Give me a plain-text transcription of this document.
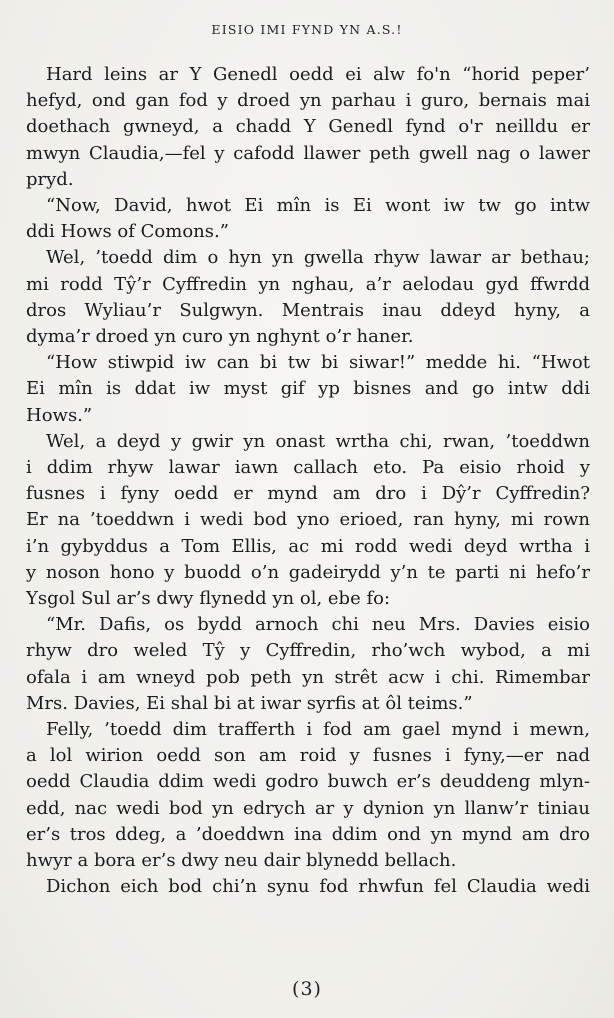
EISIO IMI FYND YN A.S.!
Hard leins ar Y Genedl oedd ei alw fo'n “horid peper’
hefyd, ond gan fod y droed yn parhau i guro, bernais mai
doethach gwneyd, a chadd Y Genedl fynd o'r neilldu er
mwyn Claudia,—fel y cafodd llawer peth gwell nag o lawer
pryd.
“Now, David, hwot Ei mîn is Ei wont iw tw go intw
ddi Hows of Comons.”
Wel, ’toedd dim o hyn yn gwella rhyw lawar ar bethau;
mi rodd Tŷ’r Cyffredin yn nghau, a’r aelodau gyd ffwrdd
dros Wyliau’r Sulgwyn. Mentrais inau ddeyd hyny, a
dyma’r droed yn curo yn nghynt o’r haner.
“How stiwpid iw can bi tw bi siwar!” medde hi. “Hwot
Ei mîn is ddat iw myst gif yp bisnes and go intw ddi
Hows.”
Wel, a deyd y gwir yn onast wrtha chi, rwan, ’toeddwn
i ddim rhyw lawar iawn callach eto. Pa eisio rhoid y
fusnes i fyny oedd er mynd am dro i Dŷ’r Cyffredin?
Er na ’toeddwn i wedi bod yno erioed, ran hyny, mi rown
i’n gybyddus a Tom Ellis, ac mi rodd wedi deyd wrtha i
y noson hono y buodd o’n gadeirydd y’n te parti ni hefo’r
Ysgol Sul ar’s dwy flynedd yn ol, ebe fo:
“Mr. Dafis, os bydd arnoch chi neu Mrs. Davies eisio
rhyw dro weled Tŷ y Cyffredin, rho’wch wybod, a mi
ofala i am wneyd pob peth yn strêt acw i chi. Rimembar
Mrs. Davies, Ei shal bi at iwar syrfis at ôl teims.”
Felly, ’toedd dim trafferth i fod am gael mynd i mewn,
a lol wirion oedd son am roid y fusnes i fyny,—er nad
oedd Claudia ddim wedi godro buwch er’s deuddeng mlyn-
edd, nac wedi bod yn edrych ar y dynion yn llanw’r tiniau
er’s tros ddeg, a ’doeddwn ina ddim ond yn mynd am dro
hwyr a bora er’s dwy neu dair blynedd bellach.
Dichon eich bod chi’n synu fod rhwfun fel Claudia wedi
(3)
